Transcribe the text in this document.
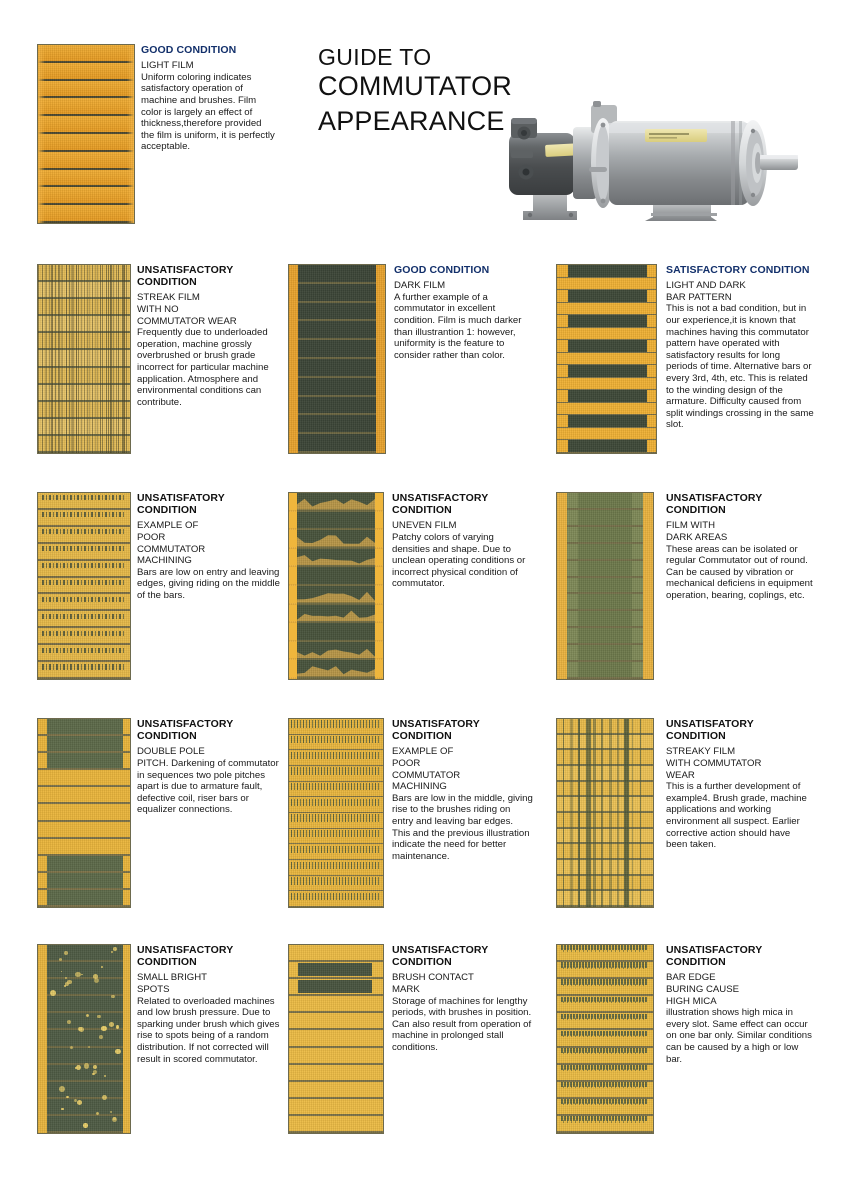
GUIDE TO
COMMUTATOR
APPEARANCE
GOOD CONDITION
LIGHT FILM
Uniform coloring indicates satisfactory operation of machine and brushes. Film color is largely an effect of thickness,therefore provided the film is uniform, it is perfectly acceptable.
UNSATISFACTORY CONDITION
STREAK FILM
WITH NO
COMMUTATOR WEAR
Frequently due to underloaded operation, machine grossly overbrushed or brush grade incorrect for particular machine application. Atmosphere and environmental conditions can contribute.
GOOD CONDITION
DARK FILM
A further example of a commutator in excellent condition. Film is much darker than illustrantion 1: however, uniformity is the feature to consider rather than color.
SATISFACTORY CONDITION
LIGHT AND DARK
BAR PATTERN
This is not a bad condition, but in our experience,it is known that machines having this commutator pattern have operated with satisfactory results for long periods of time. Alternative bars or every 3rd, 4th, etc. This is related to the winding design of the armature. Difficulty caused from split windings crossing in the same slot.
UNSATISFATORY CONDITION
EXAMPLE OF
POOR
COMMUTATOR
MACHINING
Bars are low on entry and leaving edges, giving riding on the middle of the bars.
UNSATISFACTORY CONDITION
UNEVEN FILM
Patchy colors of varying densities and shape. Due to unclean operating conditions or incorrect physical condition of commutator.
UNSATISFACTORY CONDITION
FILM WITH
DARK AREAS
These areas can be isolated or regular Commutator out of round. Can be caused by vibration or mechanical deficiens in equipment operation, bearing, coplings, etc.
UNSATISFACTORY CONDITION
DOUBLE POLE
PITCH. Darkening of commutator in sequences two pole pitches apart is due to armature fault, defective coil, riser bars or equalizer connections.
UNSATISFATORY CONDITION
EXAMPLE OF
POOR
COMMUTATOR
MACHINING
Bars are low in the middle, giving rise to the brushes riding on entry and leaving bar edges. This and the previous illustration indicate the need for better maintenance.
UNSATISFATORY CONDITION
STREAKY FILM
WITH COMMUTATOR
WEAR
This is a further development of example4. Brush grade, machine applications and working environment all suspect. Earlier corrective action should have been taken.
UNSATISFACTORY CONDITION
SMALL BRIGHT
SPOTS
Related to overloaded machines and low brush pressure. Due to sparking under brush which gives rise to spots being of a random distribution. If not corrected will result in scored commutator.
UNSATISFACTORY CONDITION
BRUSH CONTACT
MARK
Storage of machines for lengthy periods, with brushes in position. Can also result from operation of machine in prolonged stall conditions.
UNSATISFACTORY CONDITION
BAR EDGE
BURING CAUSE
HIGH MICA
illustration shows high mica in every slot. Same effect can occur on one bar only. Similar conditions can be caused by a high or low bar.
